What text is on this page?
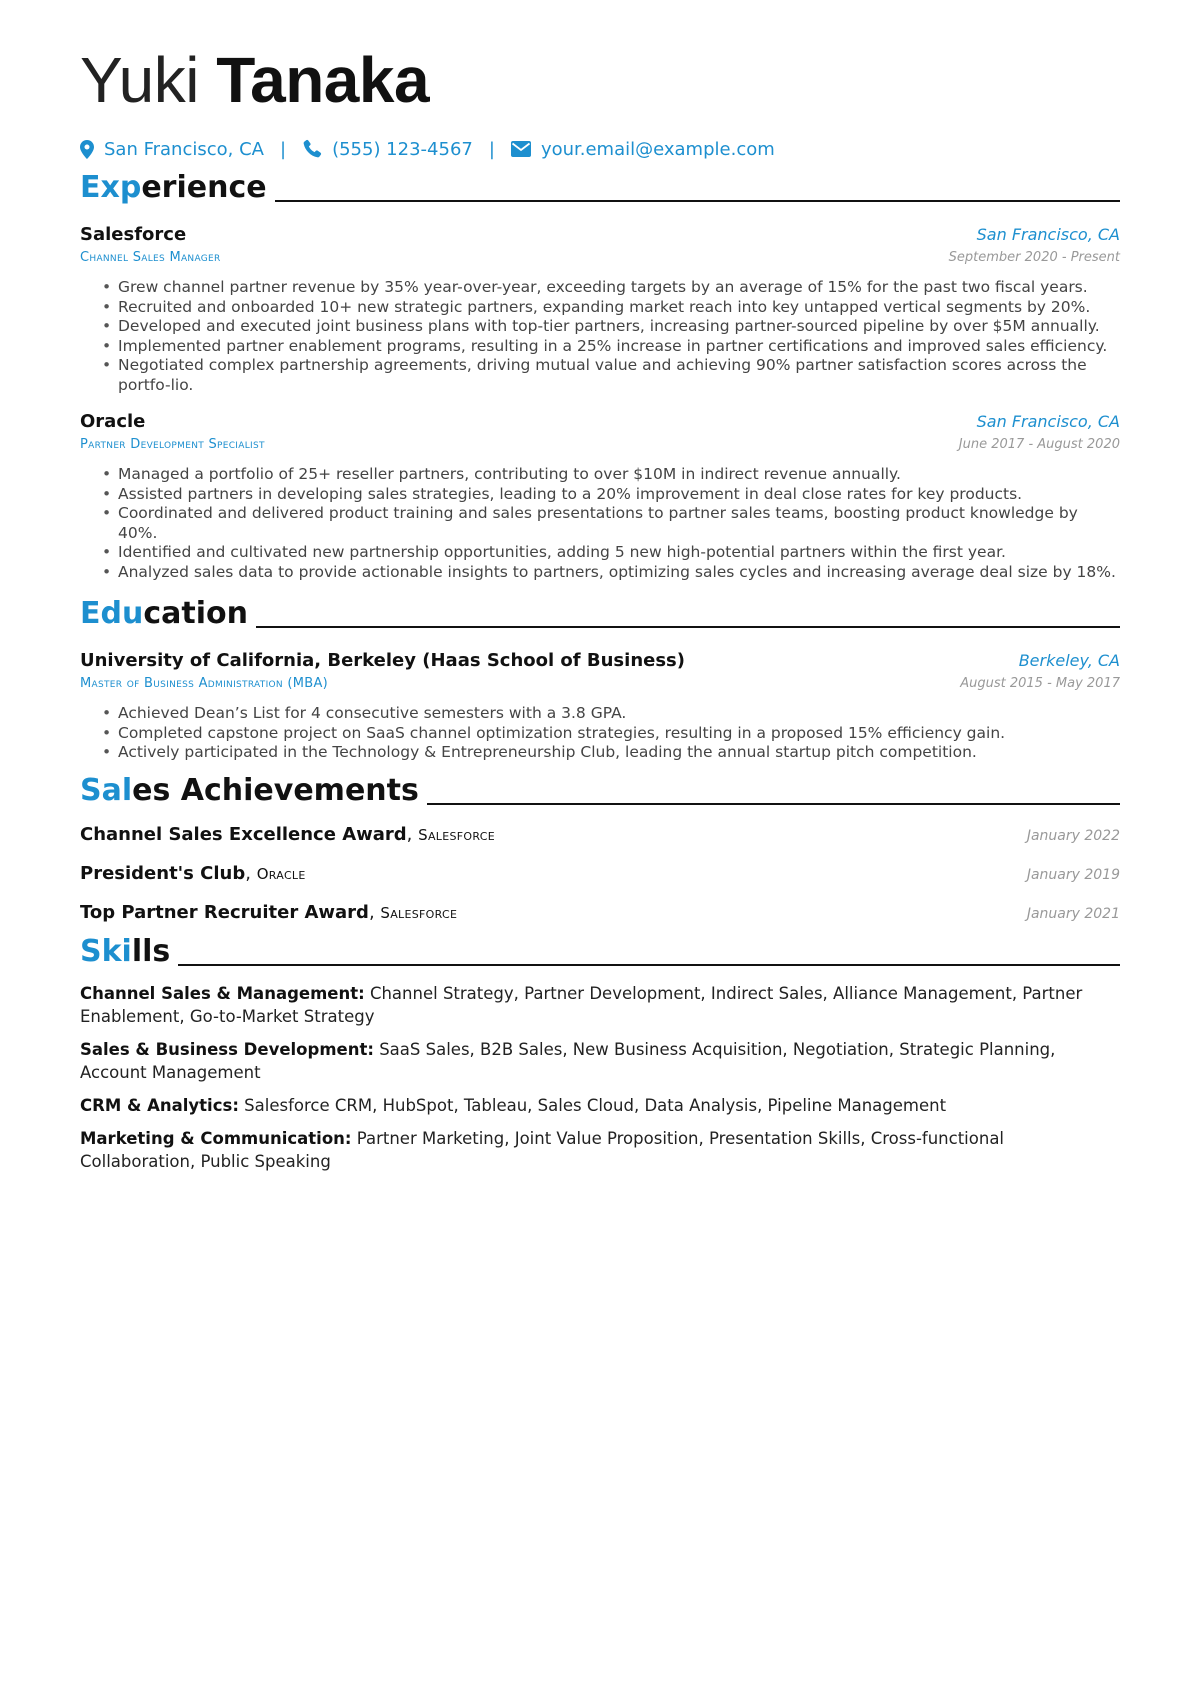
Yuki Tanaka
San Francisco, CA |	(555) 123-4567 |	your.email@example.com
Experience
Salesforce	San Francisco, CA
Channel Sales Manager	September 2020 - Present
• Grew channel partner revenue by 35% year-over-year, exceeding targets by an average of 15% for the past two fiscal years.
• Recruited and onboarded 10+ new strategic partners, expanding market reach into key untapped vertical segments by 20%.
• Developed and executed joint business plans with top-tier partners, increasing partner-sourced pipeline by over $5M annually.
• Implemented partner enablement programs, resulting in a 25% increase in partner certifications and improved sales efficiency.
• Negotiated complex partnership agreements, driving mutual value and achieving 90% partner satisfaction scores across the portfo-lio.
Oracle	San Francisco, CA
Partner Development Specialist	June 2017 - August 2020
• Managed a portfolio of 25+ reseller partners, contributing to over $10M in indirect revenue annually.
• Assisted partners in developing sales strategies, leading to a 20% improvement in deal close rates for key products.
• Coordinated and delivered product training and sales presentations to partner sales teams, boosting product knowledge by 40%.
• Identified and cultivated new partnership opportunities, adding 5 new high-potential partners within the first year.
• Analyzed sales data to provide actionable insights to partners, optimizing sales cycles and increasing average deal size by 18%.
Education
University of California, Berkeley (Haas School of Business)	Berkeley, CA
Master of Business Administration (MBA)	August 2015 - May 2017
• Achieved Dean’s List for 4 consecutive semesters with a 3.8 GPA.
• Completed capstone project on SaaS channel optimization strategies, resulting in a proposed 15% efficiency gain.
• Actively participated in the Technology & Entrepreneurship Club, leading the annual startup pitch competition.
Sales Achievements
Channel Sales Excellence Award, Salesforce	January 2022
President's Club, Oracle	January 2019
Top Partner Recruiter Award, Salesforce	January 2021
Skills
Channel Sales & Management: Channel Strategy, Partner Development, Indirect Sales, Alliance Management, Partner Enablement, Go-to-Market Strategy
Sales & Business Development: SaaS Sales, B2B Sales, New Business Acquisition, Negotiation, Strategic Planning, Account Management
CRM & Analytics: Salesforce CRM, HubSpot, Tableau, Sales Cloud, Data Analysis, Pipeline Management
Marketing & Communication: Partner Marketing, Joint Value Proposition, Presentation Skills, Cross-functional Collaboration, Public Speaking
